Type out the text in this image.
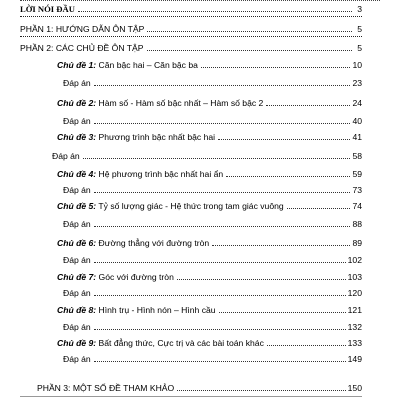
LỜI NÓI ĐẦU	3
PHẦN 1: HƯỚNG DẪN ÔN TẬP	5
PHẦN 2: CÁC CHỦ ĐỀ ÔN TẬP	5
Chủ đề 1: Căn bậc hai – Căn bậc ba	10
Đáp án	23
Chủ đề 2: Hàm số - Hàm số bậc nhất – Hàm số bậc 2	24
Đáp án	40
Chủ đề 3: Phương trình bậc nhất bậc hai	41
Đáp án	58
Chủ đề 4: Hệ phương trình bậc nhất hai ẩn	59
Đáp án	73
Chủ đề 5: Tỷ số lượng giác - Hệ thức trong tam giác vuông	74
Đáp án	88
Chủ đề 6: Đường thẳng với đường tròn	89
Đáp án	102
Chủ đề 7: Góc với đường tròn	103
Đáp án	120
Chủ đề 8: Hình trụ - Hình nón – Hình cầu	121
Đáp án	132
Chủ đề 9: Bất đẳng thức, Cực trị và các bài toán khác	133
Đáp án	149
PHẦN 3: MỘT SỐ ĐỀ THAM KHẢO	150
